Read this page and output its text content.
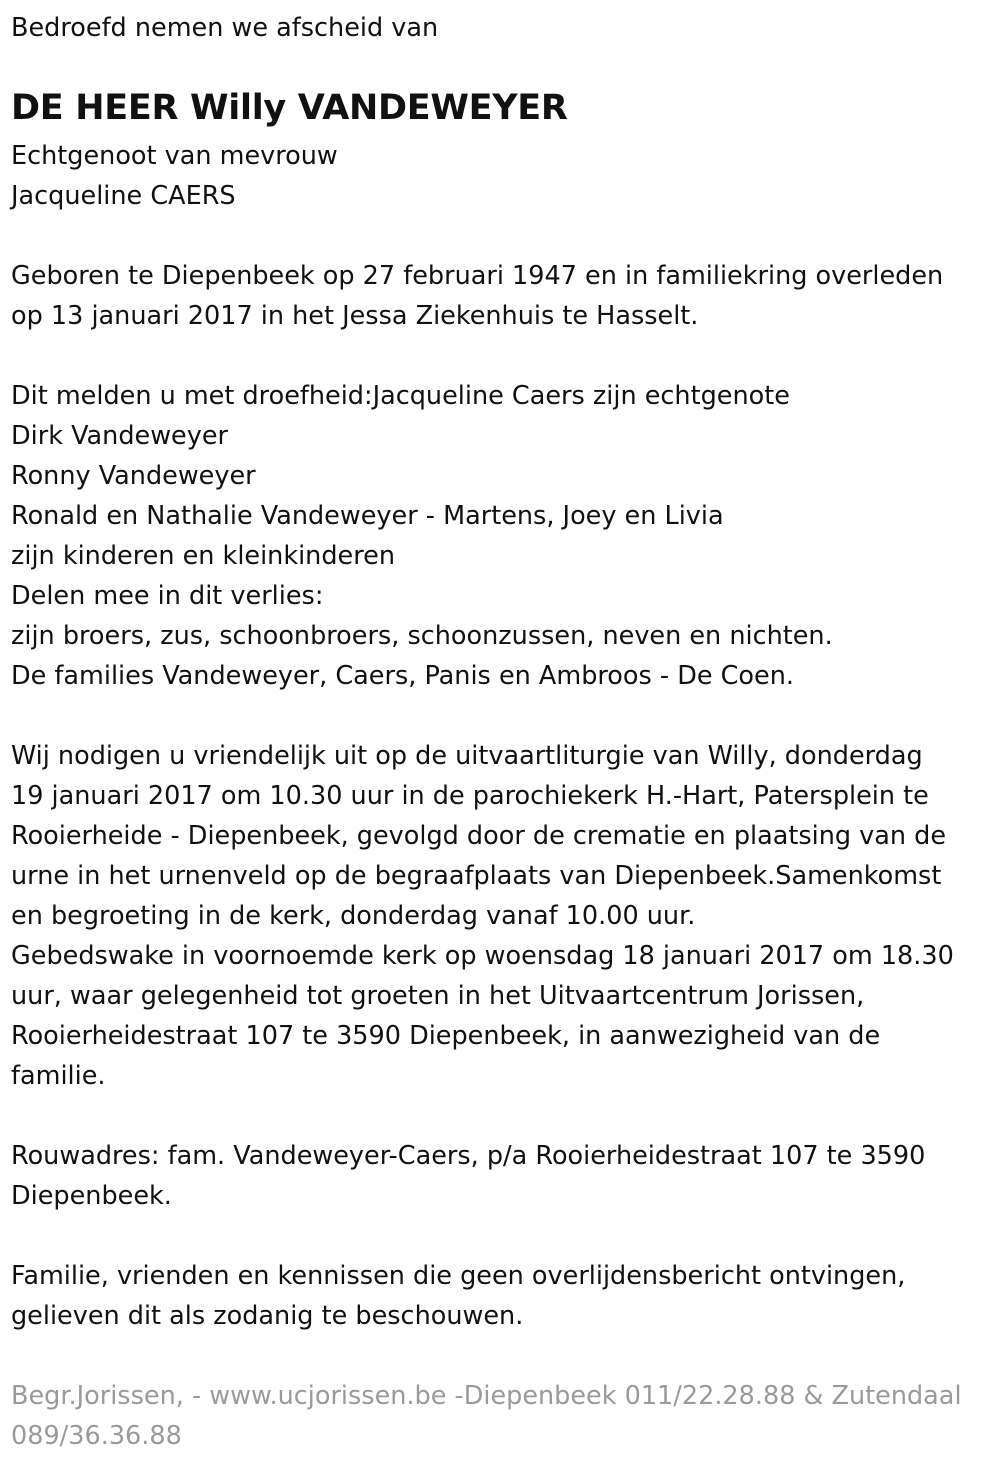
Bedroefd nemen we afscheid van

DE HEER Willy VANDEWEYER

Echtgenoot van mevrouw

Jacqueline CAERS

Geboren te Diepenbeek op 27 februari 1947 en in familiekring overleden

op 13 januari 2017 in het Jessa Ziekenhuis te Hasselt.

Dit melden u met droefheid:Jacqueline Caers zijn echtgenote

Dirk Vandeweyer

Ronny Vandeweyer

Ronald en Nathalie Vandeweyer - Martens, Joey en Livia

zijn kinderen en kleinkinderen

Delen mee in dit verlies:

zijn broers, zus, schoonbroers, schoonzussen, neven en nichten.

De families Vandeweyer, Caers, Panis en Ambroos - De Coen.

Wij nodigen u vriendelijk uit op de uitvaartliturgie van Willy, donderdag

19 januari 2017 om 10.30 uur in de parochiekerk H.-Hart, Patersplein te

Rooierheide - Diepenbeek, gevolgd door de crematie en plaatsing van de

urne in het urnenveld op de begraafplaats van Diepenbeek.Samenkomst

en begroeting in de kerk, donderdag vanaf 10.00 uur.

Gebedswake in voornoemde kerk op woensdag 18 januari 2017 om 18.30

uur, waar gelegenheid tot groeten in het Uitvaartcentrum Jorissen,

Rooierheidestraat 107 te 3590 Diepenbeek, in aanwezigheid van de

familie.

Rouwadres: fam. Vandeweyer-Caers, p/a Rooierheidestraat 107 te 3590

Diepenbeek.

Familie, vrienden en kennissen die geen overlijdensbericht ontvingen,

gelieven dit als zodanig te beschouwen.

Begr.Jorissen, - www.ucjorissen.be -Diepenbeek 011/22.28.88 & Zutendaal

089/36.36.88
